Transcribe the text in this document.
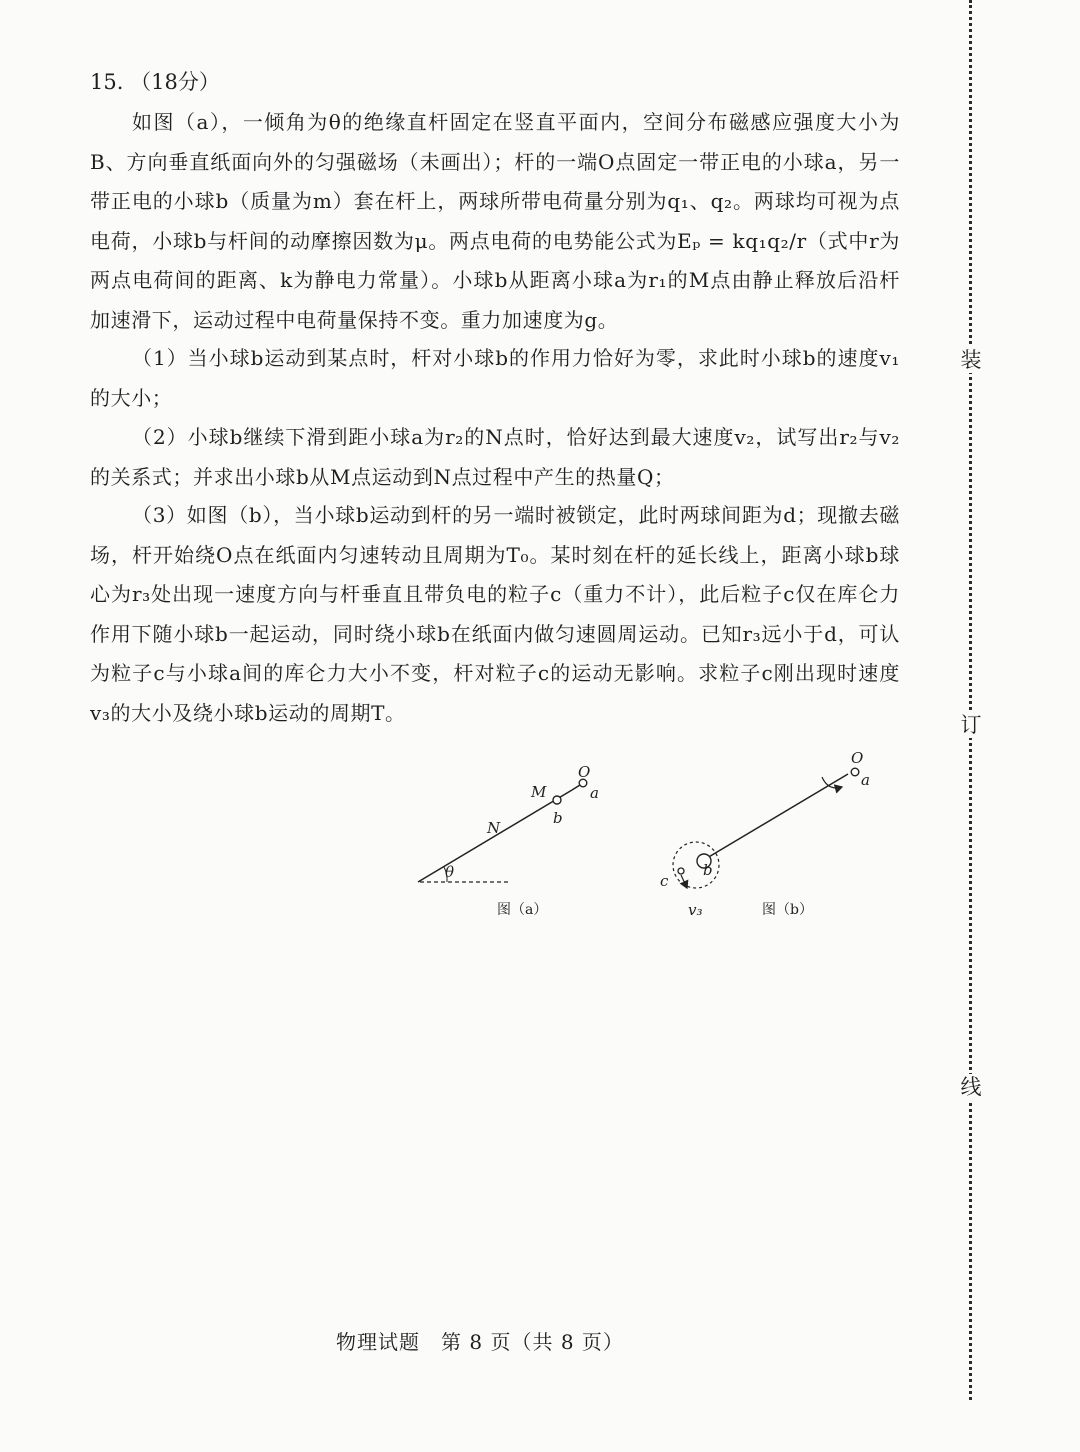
装
订
线
15. （18分）

如图（a），一倾角为θ的绝缘直杆固定在竖直平面内，空间分布磁感应强度大小为B、方向垂直纸面向外的匀强磁场（未画出）；杆的一端O点固定一带正电的小球a，另一带正电的小球b（质量为m）套在杆上，两球所带电荷量分别为q₁、q₂。两球均可视为点电荷，小球b与杆间的动摩擦因数为μ。两点电荷的电势能公式为Eₚ = kq₁q₂/r（式中r为两点电荷间的距离、k为静电力常量）。小球b从距离小球a为r₁的M点由静止释放后沿杆加速滑下，运动过程中电荷量保持不变。重力加速度为g。

（1）当小球b运动到某点时，杆对小球b的作用力恰好为零，求此时小球b的速度v₁的大小；

（2）小球b继续下滑到距小球a为r₂的N点时，恰好达到最大速度v₂，试写出r₂与v₂的关系式；并求出小球b从M点运动到N点过程中产生的热量Q；

（3）如图（b），当小球b运动到杆的另一端时被锁定，此时两球间距为d；现撤去磁场，杆开始绕O点在纸面内匀速转动且周期为T₀。某时刻在杆的延长线上，距离小球b球心为r₃处出现一速度方向与杆垂直且带负电的粒子c（重力不计），此后粒子c仅在库仑力作用下随小球b一起运动，同时绕小球b在纸面内做匀速圆周运动。已知r₃远小于d，可认为粒子c与小球a间的库仑力大小不变，杆对粒子c的运动无影响。求粒子c刚出现时速度v₃的大小及绕小球b运动的周期T。

O
a
M
b
N
θ
图（a）
O
a
b
c
v₃	图（b）
物理试题　第 8 页（共 8 页）
